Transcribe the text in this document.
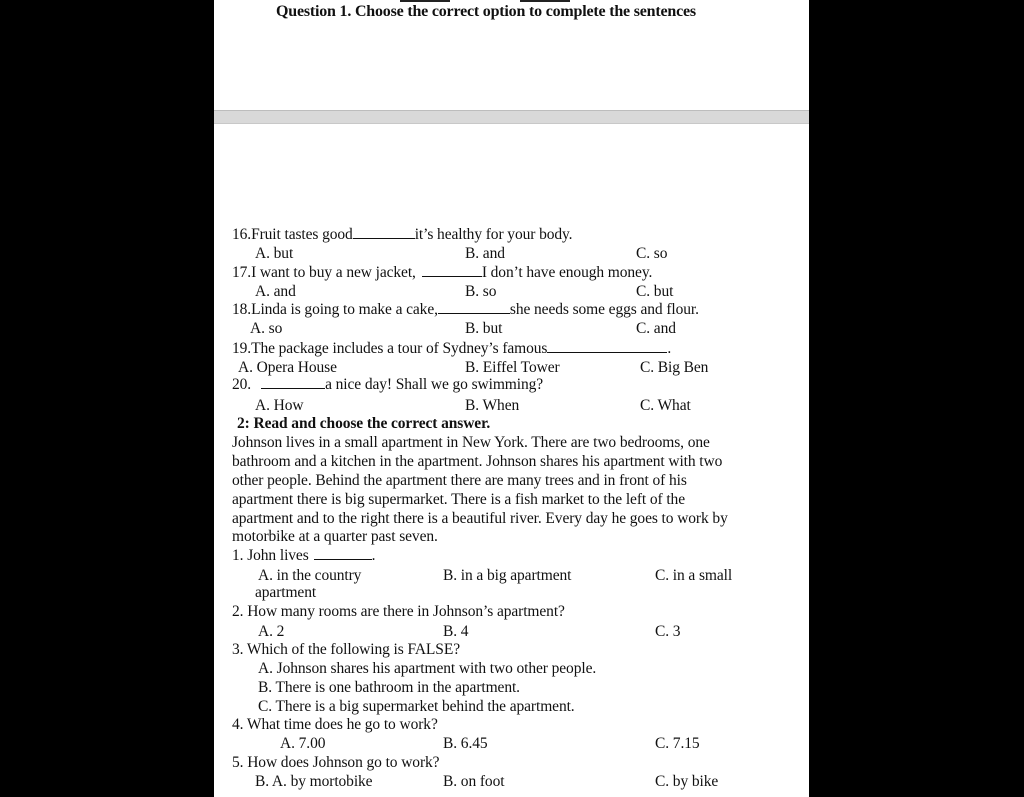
Question 1. Choose the correct option to complete the sentences
16.Fruit tastes good	it’s healthy for your body.
A. but	B. and	C. so
17.I want to buy a new jacket,	I don’t have enough money.
A. and	B. so	C. but
18.Linda is going to make a cake,	she needs some eggs and flour.
A. so	B. but	C. and
19.The package includes a tour of Sydney’s famous	.
A. Opera House	B. Eiffel Tower	C. Big Ben
20.	a nice day! Shall we go swimming?
A. How	B. When	C. What
2: Read and choose the correct answer.
Johnson lives in a small apartment in New York. There are two bedrooms, one
bathroom and a kitchen in the apartment. Johnson shares his apartment with two
other people. Behind the apartment there are many trees and in front of his
apartment there is big supermarket. There is a fish market to the left of the
apartment and to the right there is a beautiful river. Every day he goes to work by
motorbike at a quarter past seven.
1. John lives	.
A. in the country	B. in a big apartment	C. in a small
apartment
2. How many rooms are there in Johnson’s apartment?
A. 2	B. 4	C. 3
3. Which of the following is FALSE?
A. Johnson shares his apartment with two other people.
B. There is one bathroom in the apartment.
C. There is a big supermarket behind the apartment.
4. What time does he go to work?
A. 7.00	B. 6.45	C. 7.15
5. How does Johnson go to work?
B. A. by mortobike	B. on foot	C. by bike
